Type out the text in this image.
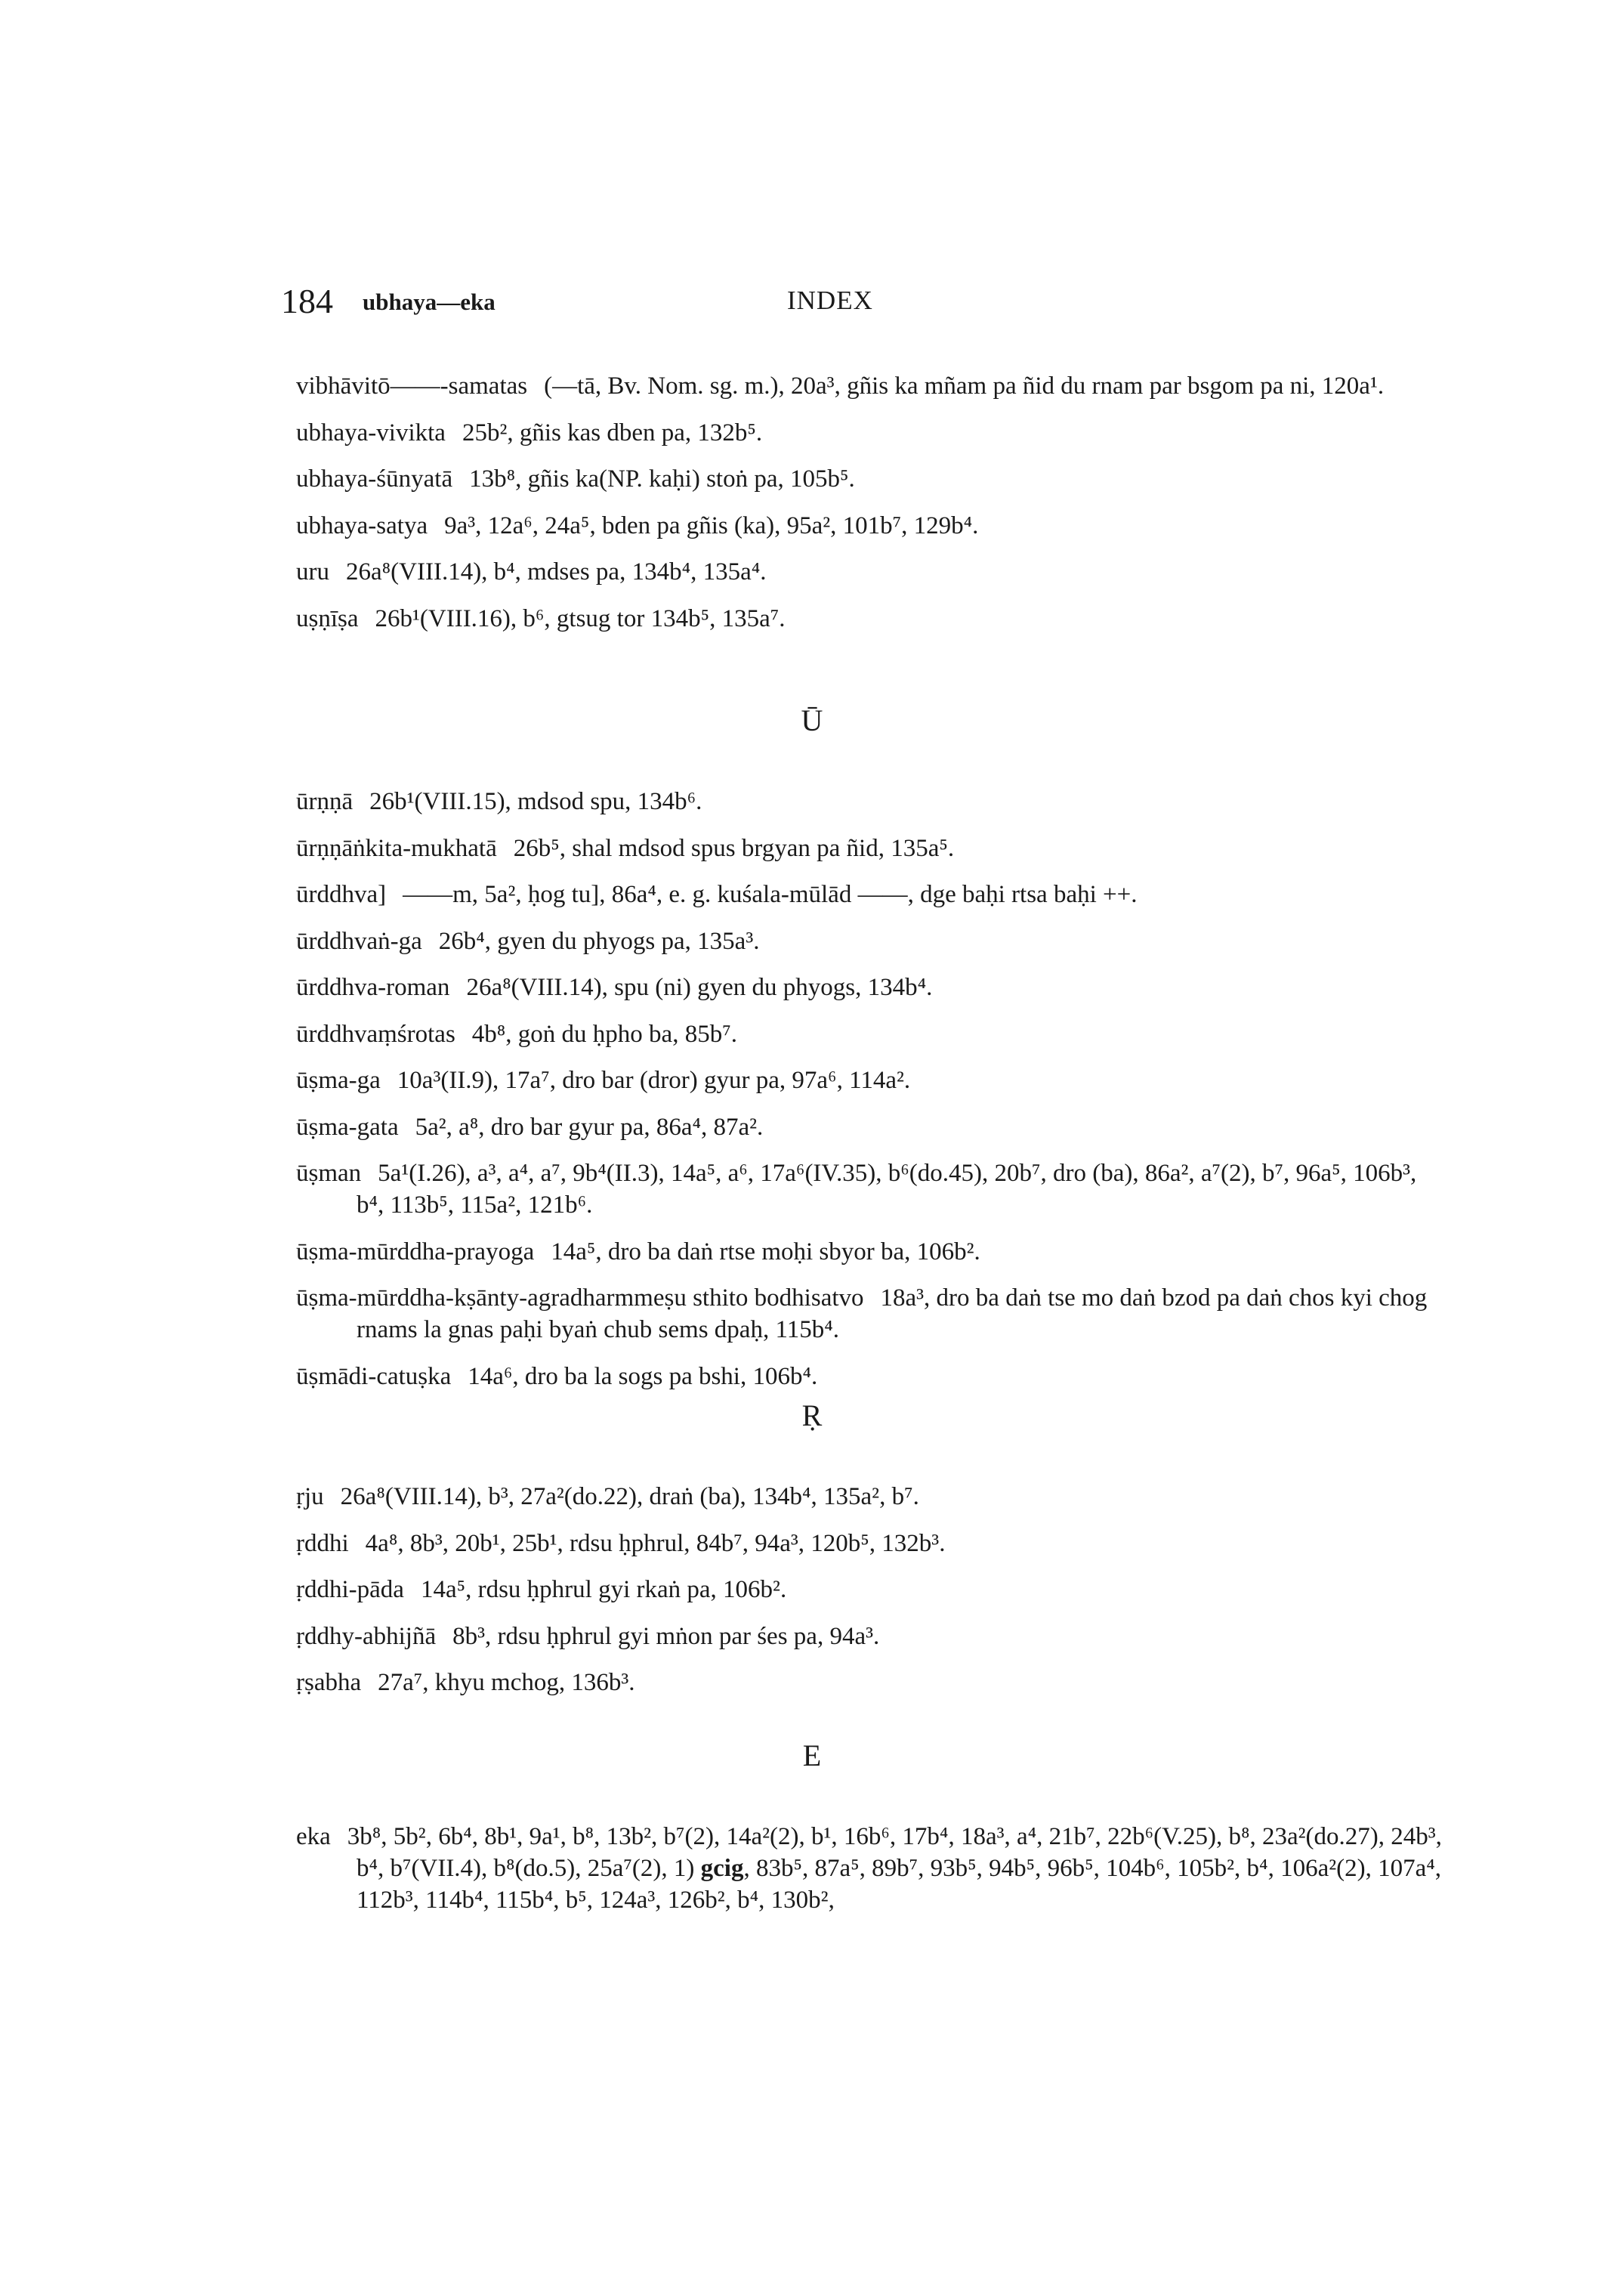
184 ubhaya—eka	INDEX
vibhāvitō——-samatas (—tā, Bv. Nom. sg. m.), 20a³, gñis ka mñam pa ñid du rnam par bsgom pa ni, 120a¹.
ubhaya-vivikta 25b², gñis kas dben pa, 132b⁵.
ubhaya-śūnyatā 13b⁸, gñis ka(NP. kaḥi) stoṅ pa, 105b⁵.
ubhaya-satya 9a³, 12a⁶, 24a⁵, bden pa gñis (ka), 95a², 101b⁷, 129b⁴.
uru 26a⁸(VIII.14), b⁴, mdses pa, 134b⁴, 135a⁴.
uṣṇīṣa 26b¹(VIII.16), b⁶, gtsug tor 134b⁵, 135a⁷.
Ū
ūrṇṇā 26b¹(VIII.15), mdsod spu, 134b⁶.
ūrṇṇāṅkita-mukhatā 26b⁵, shal mdsod spus brgyan pa ñid, 135a⁵.
ūrddhva] ——m, 5a², ḥog tu], 86a⁴, e. g. kuśala-mūlād ——, dge baḥi rtsa baḥi ++.
ūrddhvaṅ-ga 26b⁴, gyen du phyogs pa, 135a³.
ūrddhva-roman 26a⁸(VIII.14), spu (ni) gyen du phyogs, 134b⁴.
ūrddhvaṃśrotas 4b⁸, goṅ du ḥpho ba, 85b⁷.
ūṣma-ga 10a³(II.9), 17a⁷, dro bar (dror) gyur pa, 97a⁶, 114a².
ūṣma-gata 5a², a⁸, dro bar gyur pa, 86a⁴, 87a².
ūṣman 5a¹(I.26), a³, a⁴, a⁷, 9b⁴(II.3), 14a⁵, a⁶, 17a⁶(IV.35), b⁶(do.45), 20b⁷, dro (ba), 86a², a⁷(2), b⁷, 96a⁵, 106b³, b⁴, 113b⁵, 115a², 121b⁶.
ūṣma-mūrddha-prayoga 14a⁵, dro ba daṅ rtse moḥi sbyor ba, 106b².
ūṣma-mūrddha-kṣānty-agradharmmeṣu sthito bodhisatvo 18a³, dro ba daṅ tse mo daṅ bzod pa daṅ chos kyi chog rnams la gnas paḥi byaṅ chub sems dpaḥ, 115b⁴.
ūṣmādi-catuṣka 14a⁶, dro ba la sogs pa bshi, 106b⁴.
Ṛ
ṛju 26a⁸(VIII.14), b³, 27a²(do.22), draṅ (ba), 134b⁴, 135a², b⁷.
ṛddhi 4a⁸, 8b³, 20b¹, 25b¹, rdsu ḥphrul, 84b⁷, 94a³, 120b⁵, 132b³.
ṛddhi-pāda 14a⁵, rdsu ḥphrul gyi rkaṅ pa, 106b².
ṛddhy-abhijñā 8b³, rdsu ḥphrul gyi mṅon par śes pa, 94a³.
ṛṣabha 27a⁷, khyu mchog, 136b³.
E
eka 3b⁸, 5b², 6b⁴, 8b¹, 9a¹, b⁸, 13b², b⁷(2), 14a²(2), b¹, 16b⁶, 17b⁴, 18a³, a⁴, 21b⁷, 22b⁶(V.25), b⁸, 23a²(do.27), 24b³, b⁴, b⁷(VII.4), b⁸(do.5), 25a⁷(2), 1) gcig, 83b⁵, 87a⁵, 89b⁷, 93b⁵, 94b⁵, 96b⁵, 104b⁶, 105b², b⁴, 106a²(2), 107a⁴, 112b³, 114b⁴, 115b⁴, b⁵, 124a³, 126b², b⁴, 130b²,
